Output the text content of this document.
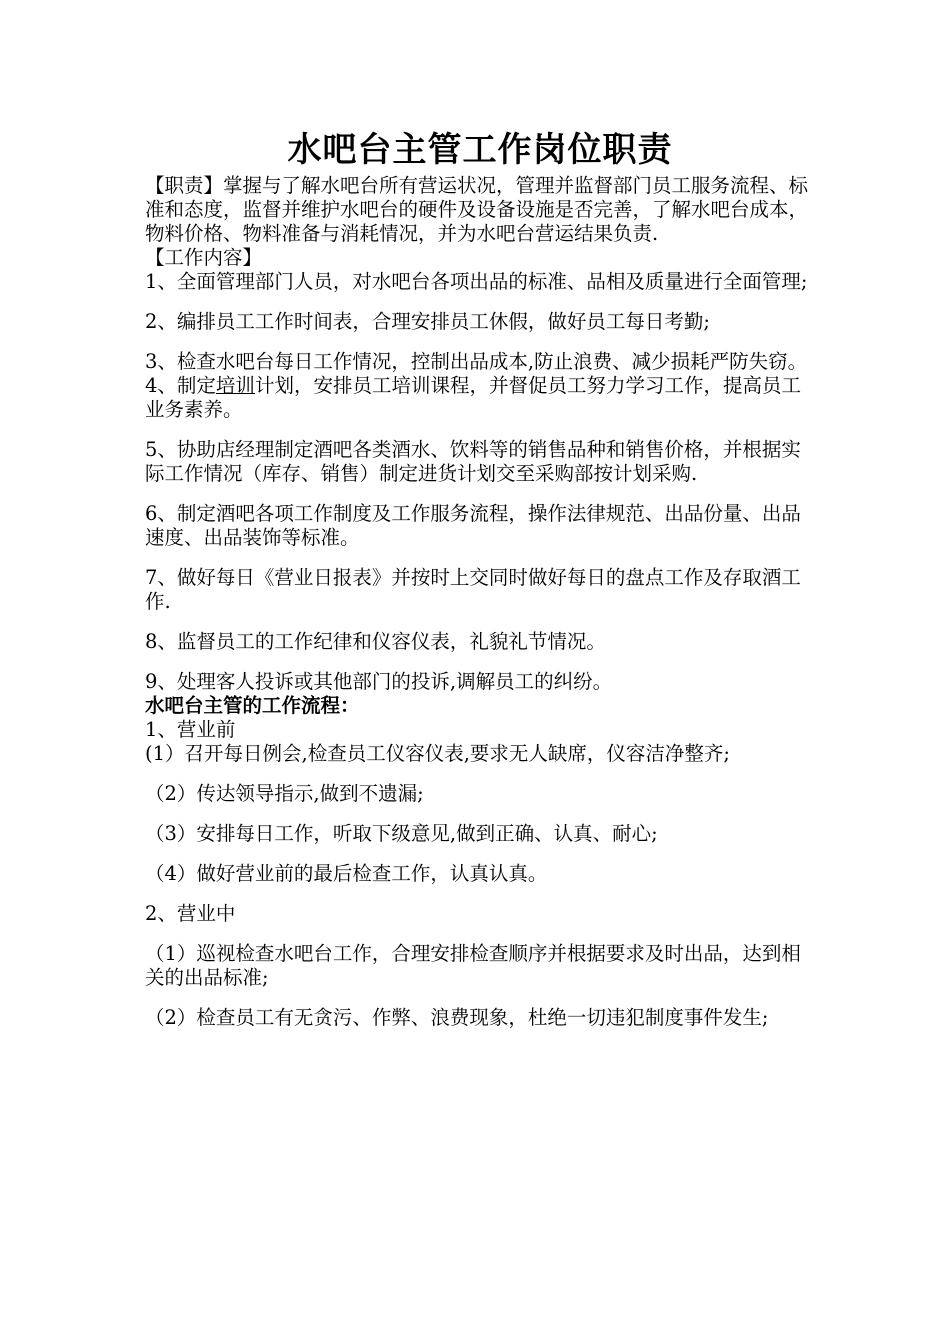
水吧台主管工作岗位职责

【职责】掌握与了解水吧台所有营运状况，管理并监督部门员工服务流程、标准和态度，监督并维护水吧台的硬件及设备设施是否完善，了解水吧台成本，物料价格、物料准备与消耗情况，并为水吧台营运结果负责.

【工作内容】

1、全面管理部门人员，对水吧台各项出品的标准、品相及质量进行全面管理;

2、编排员工工作时间表，合理安排员工休假，做好员工每日考勤;

3、检查水吧台每日工作情况，控制出品成本,防止浪费、减少损耗严防失窃。

4、制定培训计划，安排员工培训课程，并督促员工努力学习工作，提高员工业务素养。

5、协助店经理制定酒吧各类酒水、饮料等的销售品种和销售价格，并根据实际工作情况（库存、销售）制定进货计划交至采购部按计划采购.

6、制定酒吧各项工作制度及工作服务流程，操作法律规范、出品份量、出品速度、出品装饰等标准。

7、做好每日《营业日报表》并按时上交同时做好每日的盘点工作及存取酒工作.

8、监督员工的工作纪律和仪容仪表，礼貌礼节情况。

9、处理客人投诉或其他部门的投诉,调解员工的纠纷。

水吧台主管的工作流程：

1、营业前

(1）召开每日例会,检查员工仪容仪表,要求无人缺席，仪容洁净整齐;

（2）传达领导指示,做到不遗漏;

（3）安排每日工作，听取下级意见,做到正确、认真、耐心;

（4）做好营业前的最后检查工作，认真认真。

2、营业中

（1）巡视检查水吧台工作，合理安排检查顺序并根据要求及时出品，达到相关的出品标准;

（2）检查员工有无贪污、作弊、浪费现象，杜绝一切违犯制度事件发生;
